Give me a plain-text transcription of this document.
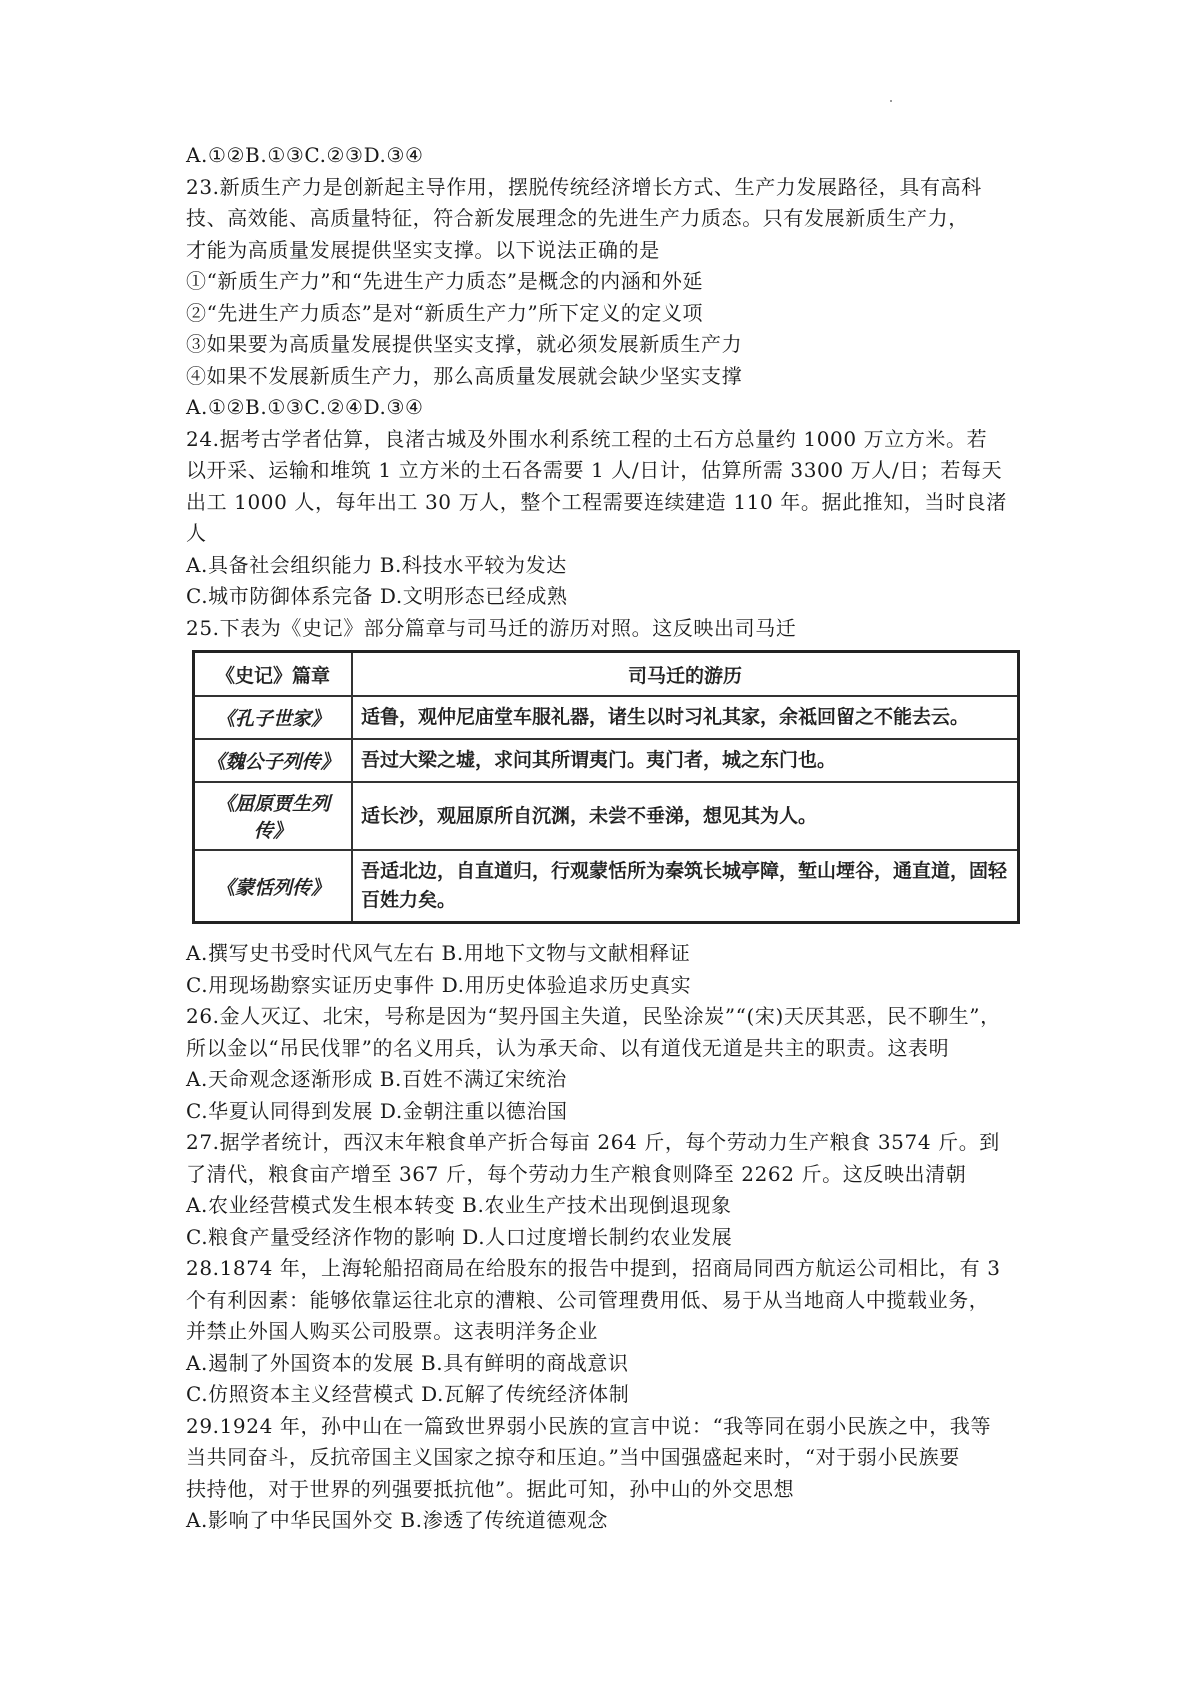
A.①②B.①③C.②③D.③④
23.新质生产力是创新起主导作用，摆脱传统经济增长方式、生产力发展路径，具有高科
技、高效能、高质量特征，符合新发展理念的先进生产力质态。只有发展新质生产力，
才能为高质量发展提供坚实支撑。以下说法正确的是
①“新质生产力”和“先进生产力质态”是概念的内涵和外延
②“先进生产力质态”是对“新质生产力”所下定义的定义项
③如果要为高质量发展提供坚实支撑，就必须发展新质生产力
④如果不发展新质生产力，那么高质量发展就会缺少坚实支撑
A.①②B.①③C.②④D.③④
24.据考古学者估算，良渚古城及外围水利系统工程的土石方总量约 1000 万立方米。若
以开采、运输和堆筑 1 立方米的土石各需要 1 人/日计，估算所需 3300 万人/日；若每天
出工 1000 人，每年出工 30 万人，整个工程需要连续建造 110 年。据此推知，当时良渚
人
A.具备社会组织能力 B.科技水平较为发达
C.城市防御体系完备 D.文明形态已经成熟
25.下表为《史记》部分篇章与司马迁的游历对照。这反映出司马迁
《史记》篇章	司马迁的游历
《孔子世家》	适鲁，观仲尼庙堂车服礼器，诸生以时习礼其家，余祗回留之不能去云。
《魏公子列传》	吾过大梁之墟，求问其所谓夷门。夷门者，城之东门也。
《屈原贾生列传》	适长沙，观屈原所自沉渊，未尝不垂涕，想见其为人。
《蒙恬列传》	吾适北边，自直道归，行观蒙恬所为秦筑长城亭障，堑山堙谷，通直道，固轻百姓力矣。
A.撰写史书受时代风气左右 B.用地下文物与文献相释证
C.用现场勘察实证历史事件 D.用历史体验追求历史真实
26.金人灭辽、北宋，号称是因为“契丹国主失道，民坠涂炭”“(宋)天厌其恶，民不聊生”，
所以金以“吊民伐罪”的名义用兵，认为承天命、以有道伐无道是共主的职责。这表明
A.天命观念逐渐形成 B.百姓不满辽宋统治
C.华夏认同得到发展 D.金朝注重以德治国
27.据学者统计，西汉末年粮食单产折合每亩 264 斤，每个劳动力生产粮食 3574 斤。到
了清代，粮食亩产增至 367 斤，每个劳动力生产粮食则降至 2262 斤。这反映出清朝
A.农业经营模式发生根本转变 B.农业生产技术出现倒退现象
C.粮食产量受经济作物的影响 D.人口过度增长制约农业发展
28.1874 年，上海轮船招商局在给股东的报告中提到，招商局同西方航运公司相比，有 3
个有利因素：能够依靠运往北京的漕粮、公司管理费用低、易于从当地商人中揽载业务，
并禁止外国人购买公司股票。这表明洋务企业
A.遏制了外国资本的发展 B.具有鲜明的商战意识
C.仿照资本主义经营模式 D.瓦解了传统经济体制
29.1924 年，孙中山在一篇致世界弱小民族的宣言中说：“我等同在弱小民族之中，我等
当共同奋斗，反抗帝国主义国家之掠夺和压迫。”当中国强盛起来时，“对于弱小民族要
扶持他，对于世界的列强要抵抗他”。据此可知，孙中山的外交思想
A.影响了中华民国外交 B.渗透了传统道德观念
